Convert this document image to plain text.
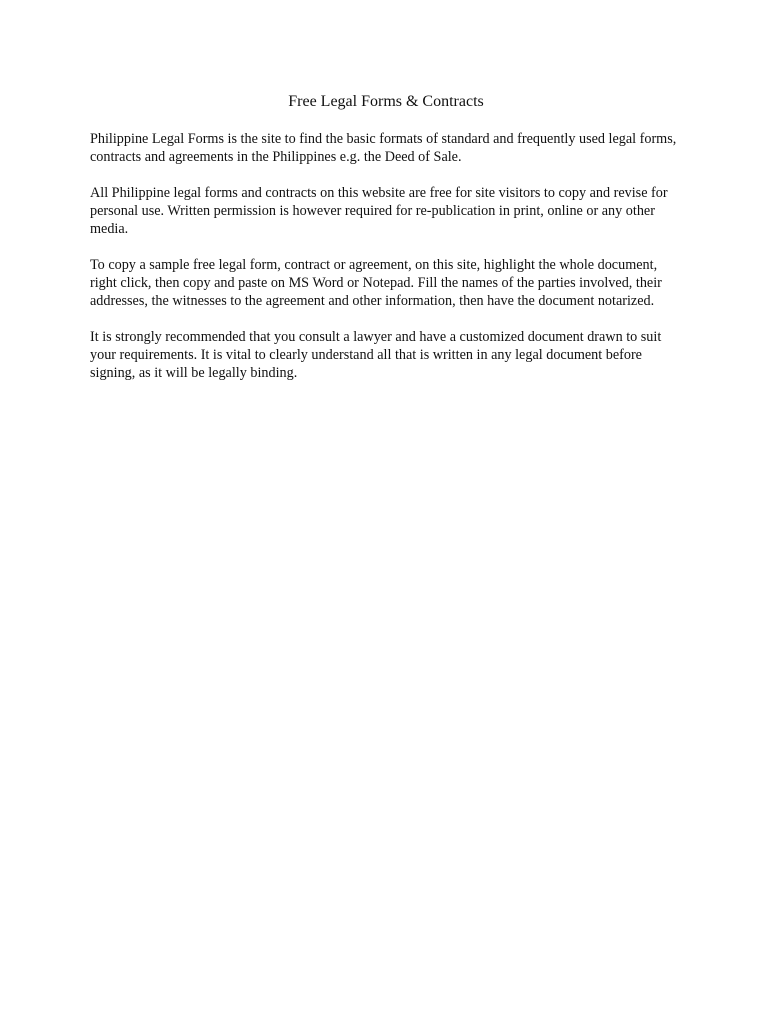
Free Legal Forms & Contracts

Philippine Legal Forms is the site to find the basic formats of standard and frequently used legal forms, contracts and agreements in the Philippines e.g. the Deed of Sale.

All Philippine legal forms and contracts on this website are free for site visitors to copy and revise for personal use. Written permission is however required for re-publication in print, online or any other media.

To copy a sample free legal form, contract or agreement, on this site, highlight the whole document, right click, then copy and paste on MS Word or Notepad. Fill the names of the parties involved, their addresses, the witnesses to the agreement and other information, then have the document notarized.

It is strongly recommended that you consult a lawyer and have a customized document drawn to suit your requirements. It is vital to clearly understand all that is written in any legal document before signing, as it will be legally binding.
